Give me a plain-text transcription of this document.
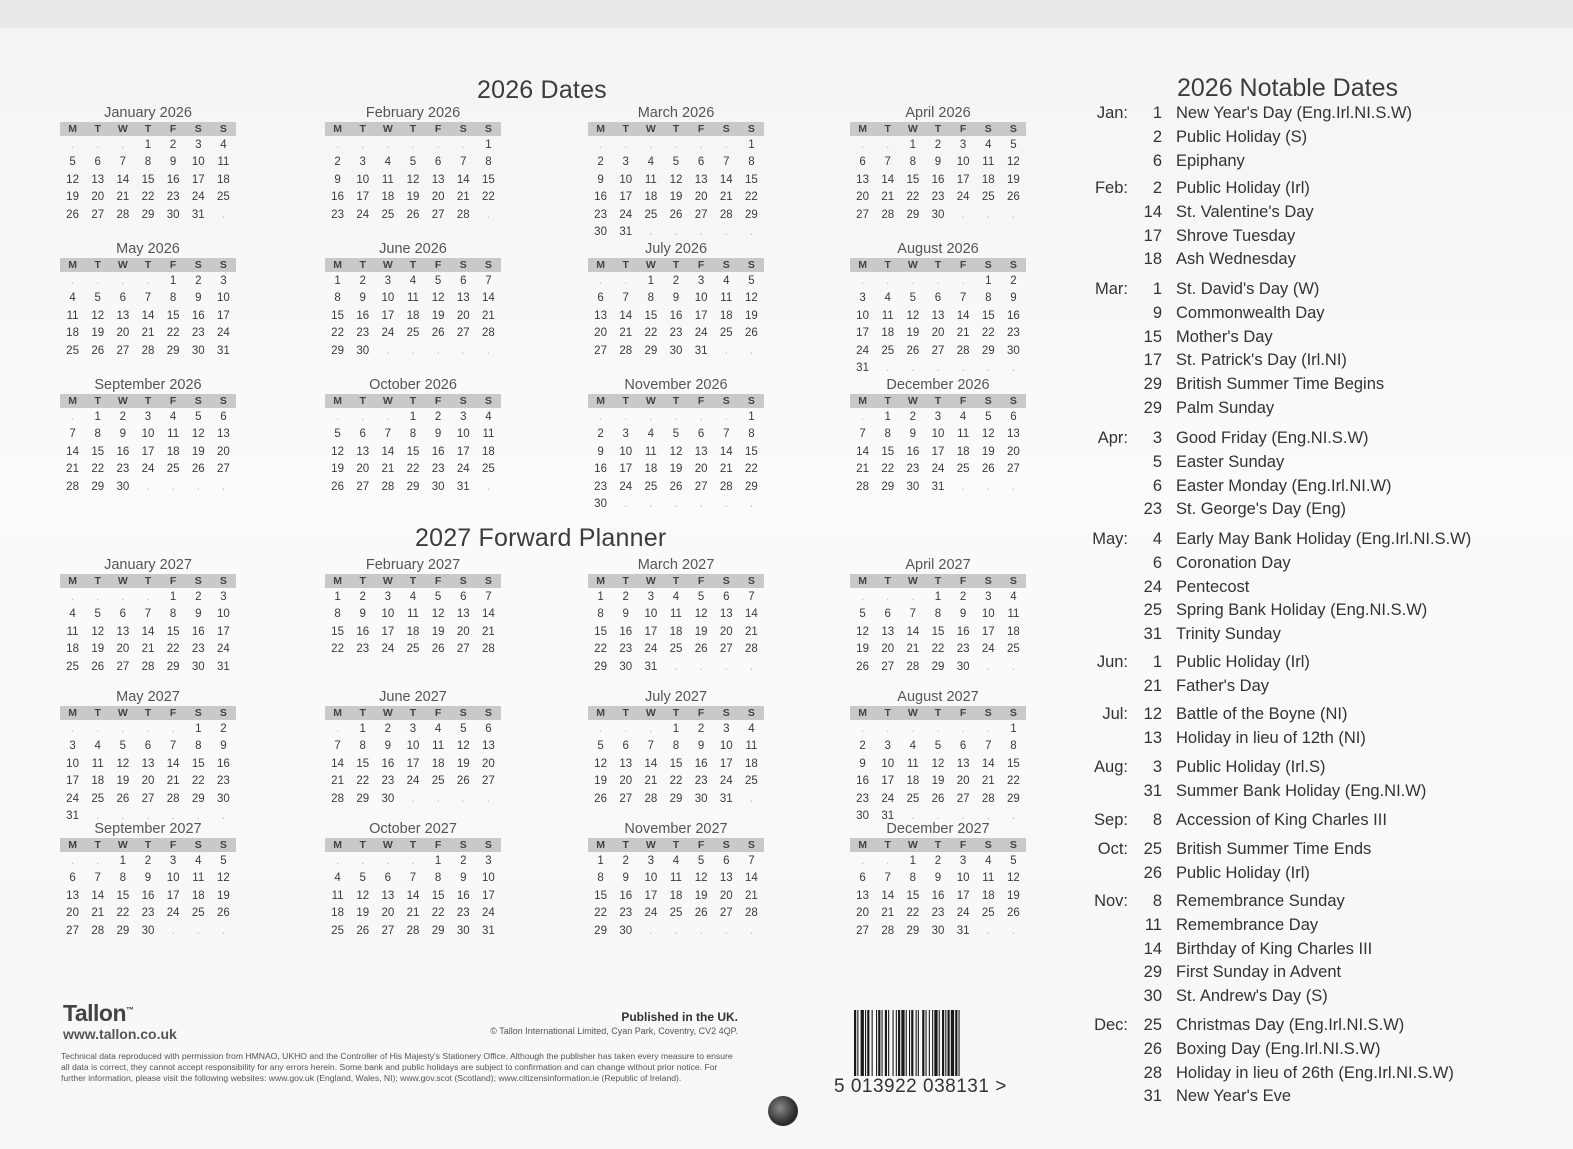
2026 Dates
2027 Forward Planner
2026 Notable Dates
January 2026
M	T	W	T	F	S	S
.	.	.	1	2	3	4
5	6	7	8	9	10	11
12	13	14	15	16	17	18
19	20	21	22	23	24	25
26	27	28	29	30	31	.
February 2026
M	T	W	T	F	S	S
.	.	.	.	.	.	1
2	3	4	5	6	7	8
9	10	11	12	13	14	15
16	17	18	19	20	21	22
23	24	25	26	27	28	.
March 2026
M	T	W	T	F	S	S
.	.	.	.	.	.	1
2	3	4	5	6	7	8
9	10	11	12	13	14	15
16	17	18	19	20	21	22
23	24	25	26	27	28	29
30	31	.	.	.	.	.
April 2026
M	T	W	T	F	S	S
.	.	1	2	3	4	5
6	7	8	9	10	11	12
13	14	15	16	17	18	19
20	21	22	23	24	25	26
27	28	29	30	.	.	.
May 2026
M	T	W	T	F	S	S
.	.	.	.	1	2	3
4	5	6	7	8	9	10
11	12	13	14	15	16	17
18	19	20	21	22	23	24
25	26	27	28	29	30	31
June 2026
M	T	W	T	F	S	S
1	2	3	4	5	6	7
8	9	10	11	12	13	14
15	16	17	18	19	20	21
22	23	24	25	26	27	28
29	30	.	.	.	.	.
July 2026
M	T	W	T	F	S	S
.	.	1	2	3	4	5
6	7	8	9	10	11	12
13	14	15	16	17	18	19
20	21	22	23	24	25	26
27	28	29	30	31	.	.
August 2026
M	T	W	T	F	S	S
.	.	.	.	.	1	2
3	4	5	6	7	8	9
10	11	12	13	14	15	16
17	18	19	20	21	22	23
24	25	26	27	28	29	30
31	.	.	.	.	.	.
September 2026
M	T	W	T	F	S	S
.	1	2	3	4	5	6
7	8	9	10	11	12	13
14	15	16	17	18	19	20
21	22	23	24	25	26	27
28	29	30	.	.	.	.
October 2026
M	T	W	T	F	S	S
.	.	.	1	2	3	4
5	6	7	8	9	10	11
12	13	14	15	16	17	18
19	20	21	22	23	24	25
26	27	28	29	30	31	.
November 2026
M	T	W	T	F	S	S
.	.	.	.	.	.	1
2	3	4	5	6	7	8
9	10	11	12	13	14	15
16	17	18	19	20	21	22
23	24	25	26	27	28	29
30	.	.	.	.	.	.
December 2026
M	T	W	T	F	S	S
.	1	2	3	4	5	6
7	8	9	10	11	12	13
14	15	16	17	18	19	20
21	22	23	24	25	26	27
28	29	30	31	.	.	.
January 2027
M	T	W	T	F	S	S
.	.	.	.	1	2	3
4	5	6	7	8	9	10
11	12	13	14	15	16	17
18	19	20	21	22	23	24
25	26	27	28	29	30	31
February 2027
M	T	W	T	F	S	S
1	2	3	4	5	6	7
8	9	10	11	12	13	14
15	16	17	18	19	20	21
22	23	24	25	26	27	28
March 2027
M	T	W	T	F	S	S
1	2	3	4	5	6	7
8	9	10	11	12	13	14
15	16	17	18	19	20	21
22	23	24	25	26	27	28
29	30	31	.	.	.	.
April 2027
M	T	W	T	F	S	S
.	.	.	1	2	3	4
5	6	7	8	9	10	11
12	13	14	15	16	17	18
19	20	21	22	23	24	25
26	27	28	29	30	.	.
May 2027
M	T	W	T	F	S	S
.	.	.	.	.	1	2
3	4	5	6	7	8	9
10	11	12	13	14	15	16
17	18	19	20	21	22	23
24	25	26	27	28	29	30
31	.	.	.	.	.	.
June 2027
M	T	W	T	F	S	S
.	1	2	3	4	5	6
7	8	9	10	11	12	13
14	15	16	17	18	19	20
21	22	23	24	25	26	27
28	29	30	.	.	.	.
July 2027
M	T	W	T	F	S	S
.	.	.	1	2	3	4
5	6	7	8	9	10	11
12	13	14	15	16	17	18
19	20	21	22	23	24	25
26	27	28	29	30	31	.
August 2027
M	T	W	T	F	S	S
.	.	.	.	.	.	1
2	3	4	5	6	7	8
9	10	11	12	13	14	15
16	17	18	19	20	21	22
23	24	25	26	27	28	29
30	31	.	.	.	.	.
September 2027
M	T	W	T	F	S	S
.	.	1	2	3	4	5
6	7	8	9	10	11	12
13	14	15	16	17	18	19
20	21	22	23	24	25	26
27	28	29	30	.	.	.
October 2027
M	T	W	T	F	S	S
.	.	.	.	1	2	3
4	5	6	7	8	9	10
11	12	13	14	15	16	17
18	19	20	21	22	23	24
25	26	27	28	29	30	31
November 2027
M	T	W	T	F	S	S
1	2	3	4	5	6	7
8	9	10	11	12	13	14
15	16	17	18	19	20	21
22	23	24	25	26	27	28
29	30	.	.	.	.	.
December 2027
M	T	W	T	F	S	S
.	.	1	2	3	4	5
6	7	8	9	10	11	12
13	14	15	16	17	18	19
20	21	22	23	24	25	26
27	28	29	30	31	.	.
Jan:	1 New Year's Day (Eng.Irl.NI.S.W)
2 Public Holiday (S)
6 Epiphany
Feb:	2 Public Holiday (Irl)
14 St. Valentine's Day
17 Shrove Tuesday
18 Ash Wednesday
Mar:	1 St. David's Day (W)
9 Commonwealth Day
15 Mother's Day
17 St. Patrick's Day (Irl.NI)
29 British Summer Time Begins
29 Palm Sunday
Apr:	3 Good Friday (Eng.NI.S.W)
5 Easter Sunday
6 Easter Monday (Eng.Irl.NI.W)
23 St. George's Day (Eng)
May:	4 Early May Bank Holiday (Eng.Irl.NI.S.W)
6 Coronation Day
24 Pentecost
25 Spring Bank Holiday (Eng.NI.S.W)
31 Trinity Sunday
Jun:	1 Public Holiday (Irl)
21 Father's Day
Jul: 12 Battle of the Boyne (NI)
13 Holiday in lieu of 12th (NI)
Aug:	3 Public Holiday (Irl.S)
31 Summer Bank Holiday (Eng.NI.W)
Sep:	8 Accession of King Charles III
Oct: 25 British Summer Time Ends
26 Public Holiday (Irl)
Nov:	8 Remembrance Sunday
11 Remembrance Day
14 Birthday of King Charles III
29 First Sunday in Advent
30 St. Andrew's Day (S)
Dec: 25 Christmas Day (Eng.Irl.NI.S.W)
26 Boxing Day (Eng.Irl.NI.S.W)
28 Holiday in lieu of 26th (Eng.Irl.NI.S.W)
31 New Year's Eve
Tallon™
www.tallon.co.uk
Published in the UK.
© Tallon International Limited, Cyan Park, Coventry, CV2 4QP.
Technical data reproduced with permission from HMNAO, UKHO and the Controller of His Majesty's Stationery Office. Although the publisher has taken every measure to ensure all data is correct, they cannot accept responsibility for any errors herein. Some bank and public holidays are subject to confirmation and can change without prior notice. For further information, please visit the following websites: www.gov.uk (England, Wales, NI); www.gov.scot (Scotland); www.citizensinformation.ie (Republic of Ireland).	5 013922 038131 >
